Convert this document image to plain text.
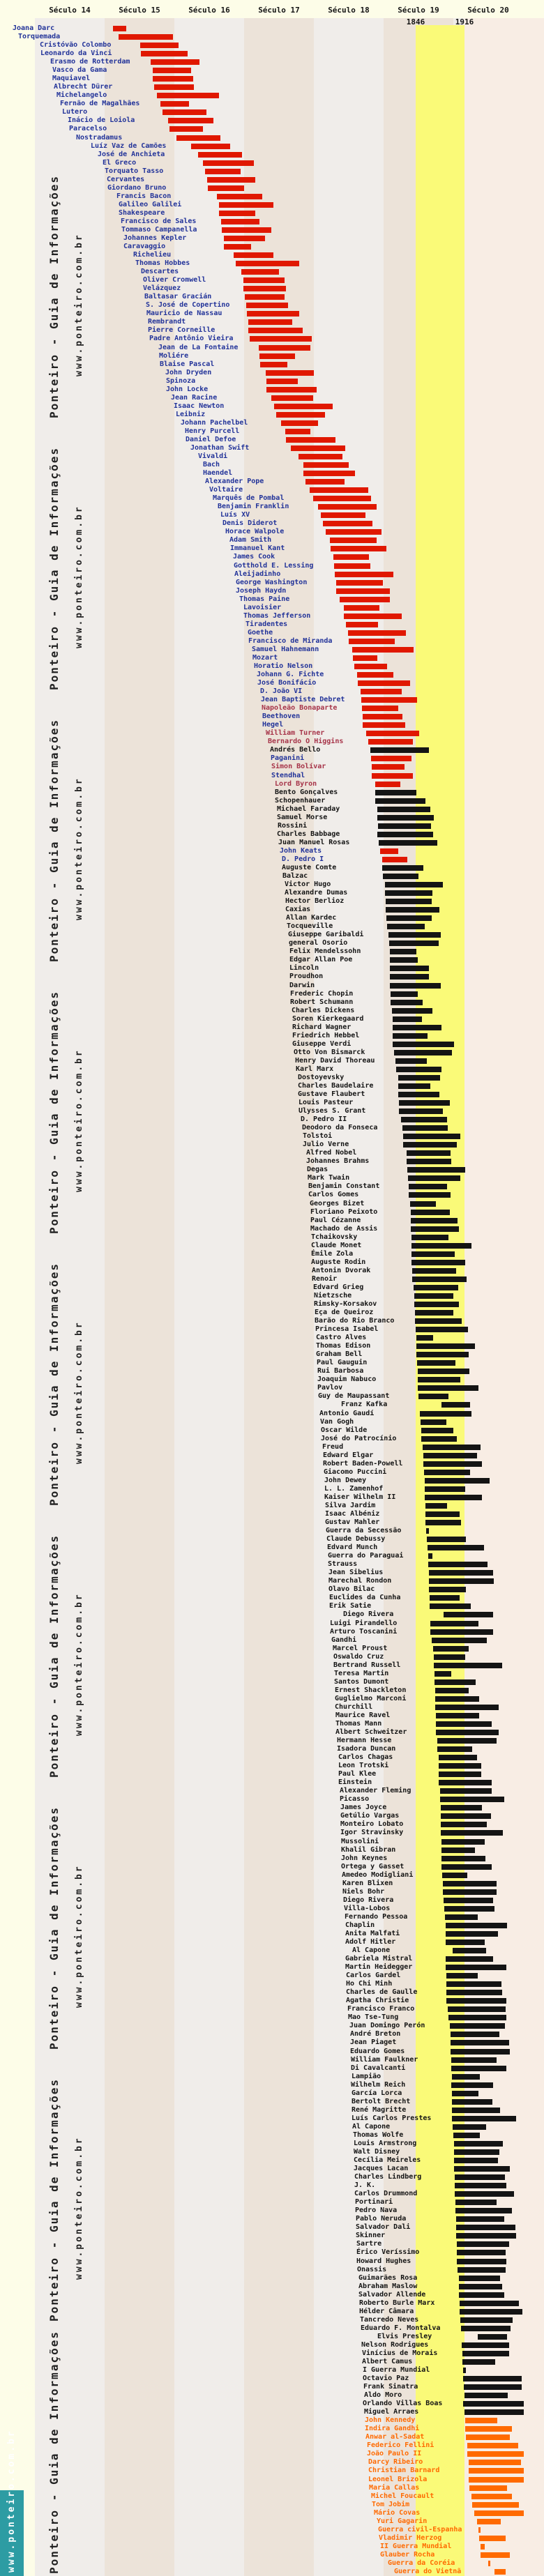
Século 14	Século 15	Século 16	Século 17	Século 18	Século 19	Século 20
1846	1916
Joana Darc
Torquemada
Cristóvão Colombo
Leonardo da Vinci
Erasmo de Rotterdam
Vasco da Gama
Maquiavel
Albrecht Dürer
Michelangelo
Fernão de Magalhães
Lutero
Inácio de Loiola
Paracelso
Nostradamus
Luíz Vaz de Camões
José de Anchieta
El Greco
Torquato Tasso
Cervantes
Giordano Bruno
Francis Bacon
Galileo Galilei
Shakespeare
Francisco de Sales
Tommaso Campanella
Johannes Kepler
Caravaggio
Richelieu
Thomas Hobbes
Descartes
Oliver Cromwell
Velázquez
Baltasar Gracián
S. José de Copertino
Mauricio de Nassau
Rembrandt
Pierre Corneille
Padre Antônio Vieira
Jean de La Fontaine
Moliére
Blaise Pascal
John Dryden
Spinoza
John Locke
Jean Racine
Isaac Newton
Leibniz
Johann Pachelbel
Henry Purcell
Daniel Defoe
Jonathan Swift
Vivaldi
Bach
Haendel
Alexander Pope
Voltaire
Marquês de Pombal
Benjamin Franklin
Luís XV
Denis Diderot
Horace Walpole
Adam Smith
Immanuel Kant
James Cook
Gotthold E. Lessing
Aleijadinho
George Washington
Joseph Haydn
Thomas Paine
Lavoisier
Thomas Jefferson
Tiradentes
Goethe
Francisco de Miranda
Samuel Hahnemann
Mozart
Horatio Nelson
Johann G. Fichte
José Bonifácio
D. João VI
Jean Baptiste Debret
Napoleão Bonaparte
Beethoven
Hegel
William Turner
Bernardo O Higgins
Andrés Bello
Paganini
Simon Bolívar
Stendhal
Lord Byron
Bento Gonçalves
Schopenhauer
Michael Faraday
Samuel Morse
Rossini
Charles Babbage
Juan Manuel Rosas
John Keats
D. Pedro I
Auguste Comte
Balzac
Victor Hugo
Alexandre Dumas
Hector Berlioz
Caxias
Allan Kardec
Tocqueville
Giuseppe Garibaldi
general Osorio
Felix Mendelssohn
Edgar Allan Poe
Lincoln
Proudhon
Darwin
Frederic Chopin
Robert Schumann
Charles Dickens
Soren Kierkegaard
Richard Wagner
Friedrich Hebbel
Giuseppe Verdi
Otto Von Bismarck
Henry David Thoreau
Karl Marx
Dostoyevsky
Charles Baudelaire
Gustave Flaubert
Louis Pasteur
Ulysses S. Grant
D. Pedro II
Deodoro da Fonseca
Tolstoi
Julio Verne
Alfred Nobel
Johannes Brahms
Degas
Mark Twain
Benjamin Constant
Carlos Gomes
Georges Bizet
Floriano Peixoto
Paul Cézanne
Machado de Assis
Tchaikovsky
Claude Monet
Émile Zola
Auguste Rodin
Antonin Dvorak
Renoir
Edvard Grieg
Nietzsche
Rimsky-Korsakov
Eça de Queiroz
Barão do Rio Branco
Princesa Isabel
Castro Alves
Thomas Edison
Graham Bell
Paul Gauguin
Rui Barbosa
Joaquim Nabuco
Pavlov
Guy de Maupassant
Franz Kafka
Antonio Gaudí
Van Gogh
Oscar Wilde
José do Patrocínio
Freud
Edward Elgar
Robert Baden-Powell
Giacomo Puccini
John Dewey
L. L. Zamenhof
Kaiser Wilhelm II
Silva Jardim
Isaac Albéniz
Gustav Mahler
Guerra da Secessão
Claude Debussy
Edvard Munch
Guerra do Paraguai
Strauss
Jean Sibelius
Marechal Rondon
Olavo Bilac
Euclides da Cunha
Erik Satie
Diego Rivera
Luigi Pirandello
Arturo Toscanini
Gandhi
Marcel Proust
Oswaldo Cruz
Bertrand Russell
Teresa Martin
Santos Dumont
Ernest Shackleton
Guglielmo Marconi
Churchill
Maurice Ravel
Thomas Mann
Albert Schweitzer
Hermann Hesse
Isadora Duncan
Carlos Chagas
Leon Trotski
Paul Klee
Einstein
Alexander Fleming
Picasso
James Joyce
Getúlio Vargas
Monteiro Lobato
Igor Stravinsky
Mussolini
Khalil Gibran
John Keynes
Ortega y Gasset
Amedeo Modigliani
Karen Blixen
Niels Bohr
Diego Rivera
Villa-Lobos
Fernando Pessoa
Chaplin
Anita Malfati
Adolf Hitler
Al Capone
Gabriela Mistral
Martin Heidegger
Carlos Gardel
Ho Chi Minh
Charles de Gaulle
Agatha Christie
Francisco Franco
Mao Tse-Tung
Juan Domingo Perón
André Breton
Jean Piaget
Eduardo Gomes
William Faulkner
Di Cavalcanti
Lampião
Wilhelm Reich
García Lorca
Bertolt Brecht
René Magritte
Luís Carlos Prestes
Al Capone
Thomas Wolfe
Louis Armstrong
Walt Disney
Cecília Meireles
Jacques Lacan
Charles Lindberg
J. K.
Carlos Drummond
Portinari
Pedro Nava
Pablo Neruda
Salvador Dali
Skinner
Sartre
Érico Veríssimo
Howard Hughes
Onassis
Guimarães Rosa
Abraham Maslow
Salvador Allende
Roberto Burle Marx
Hélder Câmara
Tancredo Neves
Eduardo F. Montalva
Elvis Presley
Nelson Rodrigues
Vinícius de Morais
Albert Camus
I Guerra Mundial
Octavio Paz
Frank Sinatra
Aldo Moro
Orlando Villas Boas
Miguel Arraes
John Kennedy
Indira Gandhi
Anwar al-Sadat
Federico Fellini
João Paulo II
Darcy Ribeiro
Christian Barnard
Leonel Brizola
Maria Callas
Michel Foucault
Tom Jobim
Mário Covas
Yuri Gagarin
Guerra civil-Espanha
Vladimir Herzog
II Guerra Mundial
Glauber Rocha
Guerra da Coréia
Guerra do Vietnã
Ponteiro - Guia de Informações www.ponteiro.com.br
Ponteiro - Guia de Informações www.ponteiro.com.br
Ponteiro - Guia de Informações www.ponteiro.com.br
Ponteiro - Guia de Informações www.ponteiro.com.br
Ponteiro - Guia de Informações www.ponteiro.com.br
Ponteiro - Guia de Informações www.ponteiro.com.br
Ponteiro - Guia de Informações www.ponteiro.com.br
Ponteiro - Guia de Informações www.ponteiro.com.br
Ponteiro - Guia de Informações
www.ponteiro.com.br
